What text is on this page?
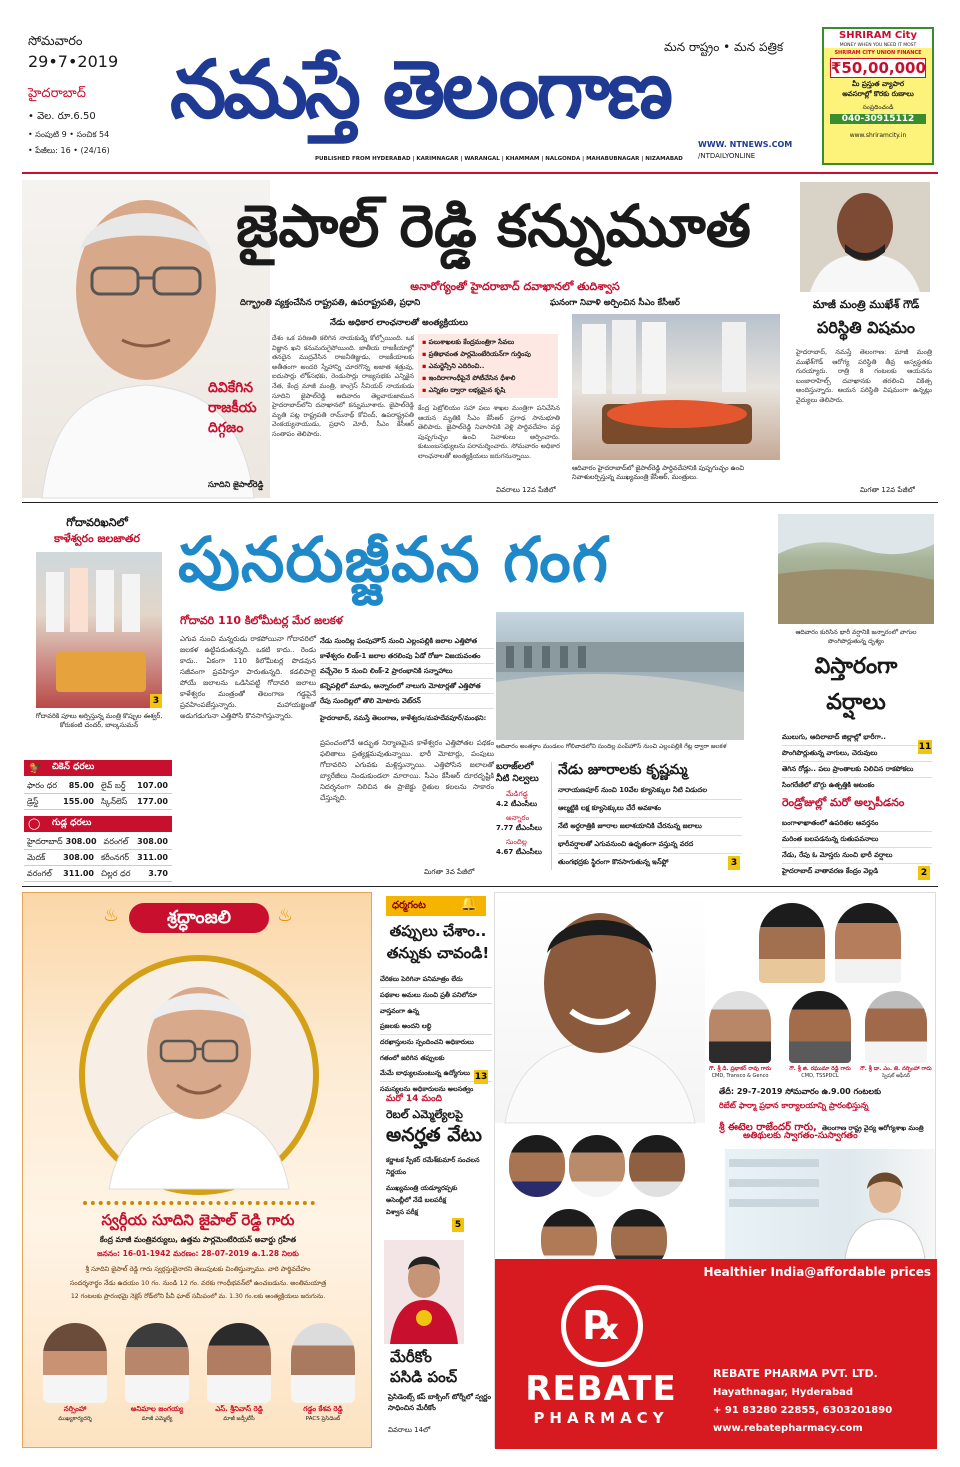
సోమవారం
29•7•2019
హైదరాబాద్
• వెల. రూ.6.50
• సంపుటి 9 • సంచిక 54
• పేజీలు: 16 • (24/16)
నమస్తే తెలంగాణ
మన రాష్ట్రం • మన పత్రిక
PUBLISHED FROM HYDERABAD | KARIMNAGAR | WARANGAL | KHAMMAM | NALGONDA | MAHABUBNAGAR | NIZAMABAD
WWW. NTNEWS.COM
/NTDAILYONLINE
SHRIRAM City
MONEY WHEN YOU NEED IT MOST
SHRIRAM CITY UNION FINANCE
₹50,00,000
మీ ప్రస్తుత వ్యాపార
అవసరాల్లో కొరకు రుణాలు
సంప్రదించండి
040-30915112
www.shriramcity.in
దివికేగిన
రాజకీయ
దిగ్గజం
సూదిని జైపాల్‌రెడ్డి
జైపాల్ రెడ్డి కన్నుమూత
అనారోగ్యంతో హైదరాబాద్ దవాఖానలో తుదిశ్వాస
దిగ్భ్రాంతి వ్యక్తంచేసిన రాష్ట్రపతి, ఉపరాష్ట్రపతి, ప్రధాని	ఘనంగా నివాళి అర్పించిన సీఎం కేసీఆర్
నేడు అధికార లాంఛనాలతో అంత్యక్రియలు
దేశం ఒక పరిణతి కలిగిన నాయకుడ్ని కోల్పోయింది. ఒక విజ్ఞాన ఖని కనుమరుగైపోయింది. జాతీయ రాజకీయాల్లో తనదైన ముద్రవేసిన రాజనీతిజ్ఞుడు, రాజకీయాలకు అతీతంగా అందరి స్నేహాన్ని చూరగొన్న అజాత శత్రువు, ఐదుసార్లు లోక్‌సభకు, రెండుసార్లు రాజ్యసభకు ఎన్నికైన నేత, కేంద్ర మాజీ మంత్రి, కాంగ్రెస్ సీనియర్ నాయకుడు సూదిని జైపాల్‌రెడ్డి ఆదివారం తెల్లవారుజామున హైదరాబాద్‌లోని దవాఖానలో కన్నుమూశారు. జైపాల్‌రెడ్డి మృతి పట్ల రాష్ట్రపతి రామ్‌నాథ్ కోవింద్, ఉపరాష్ట్రపతి వెంకయ్యనాయుడు, ప్రధాని మోదీ, సీఎం కేసీఆర్ సంతాపం తెలిపారు.
▪ పలుశాఖలకు కేంద్రమంత్రిగా సేవలు
▪ ప్రతిభావంత పార్లమెంటేరియన్‌గా గుర్తింపు
▪ ఎమర్జెన్సీని ఎదిరించి..
▪ ఇందిరాగాంధీపైనే పోటీచేసిన ధీశాలి
▪ ఎన్నికల ద్వారా లభ్యమైన కృషి
కేంద్ర పెట్రోలియం సహా పలు శాఖల మంత్రిగా పనిచేసిన ఆయన మృతికి సీఎం కేసీఆర్ ప్రగాఢ సానుభూతి తెలిపారు. జైపాల్‌రెడ్డి నివాసానికి వెళ్లి పార్థివదేహం వద్ద పుష్పగుచ్ఛం ఉంచి నివాళులు అర్పించారు. కుటుంబసభ్యులను పరామర్శించారు. సోమవారం అధికార లాంఛనాలతో అంత్యక్రియలు జరుగనున్నాయి.
వివరాలు 12వ పేజీలో
ఆదివారం హైదరాబాద్‌లో జైపాల్‌రెడ్డి పార్థివదేహానికి పుష్పగుచ్ఛం ఉంచి నివాళులర్పిస్తున్న ముఖ్యమంత్రి కేసీఆర్, మంత్రులు.
మాజీ మంత్రి ముఖేశ్ గౌడ్
పరిస్థితి విషమం
హైదరాబాద్, నమస్తే తెలంగాణ: మాజీ మంత్రి ముఖేశ్‌గౌడ్ ఆరోగ్య పరిస్థితి తీవ్ర అస్వస్థతకు గురయ్యారు. రాత్రి 8 గంటలకు ఆయనను బంజారాహిల్స్ దవాఖానకు తరలించి చికిత్స అందిస్తున్నారు. ఆయన పరిస్థితి విషమంగా ఉన్నట్లు వైద్యులు తెలిపారు.
మిగతా 12వ పేజీలో
గోదావరిఖనిలో
కాళేశ్వరం జలజాతర
3
గోదావరికి పూలు అర్పిస్తున్న మంత్రి కొప్పుల ఈశ్వర్, కోరుకంటి చందర్, బాల్కసుమన్
🐓 చికెన్ ధరలు
ఫారం ధర	85.00 లైవ్ బర్డ్	107.00
డ్రెస్డ్	155.00 స్కిన్‌లెస్	177.00
◯ గుడ్ల ధరలు
హైదరాబాద్ 308.00 వరంగల్	308.00
మెదక్	308.00 కరీంనగర్	311.00
వరంగల్	311.00 చిల్లర ధర	3.70
పునరుజ్జీవన గంగ
గోదావరి 110 కిలోమీటర్ల మేర జలకళ
ఎగువ నుంచి మన్నరుడు రాకపోయినా గోదావరిలో జలకళ ఉట్టిపడుతున్నది. ఒకటి కాదు.. రెండు కాదు.. ఏకంగా 110 కిలోమీటర్ల పొడవున సజీవంగా ప్రవహిస్తూ పారుతున్నది. కడలిపాలై పోయే జలాలను ఒడిసిపట్టి గోదావరి జలాలు కాళేశ్వరం మంత్రంతో తెలంగాణ గడ్డపైనే ప్రవహింపజేస్తున్నారు. మహాయజ్ఞంతో అడుగడుగునా ఎత్తిపోసి కొనసాగిస్తున్నారు.
నేడు సుందిల్ల పంపుహౌస్ నుంచి ఎల్లంపల్లికి జలాల ఎత్తిపోత
కాళేశ్వరం లింక్-1 జలాల తరలింపు ఏడో రోజూ విజయవంతం
వచ్చేనెల 5 నుంచి లింక్-2 ప్రారంభానికి సన్నాహాలు
కన్నెపల్లిలో మూడు, అన్నారంలో నాలుగు మోటార్లతో ఎత్తిపోత
రేపు సుందిల్లలో తొలి మోటారు వెట్‌రన్
హైదరాబాద్, నమస్తే తెలంగాణ, కాళేశ్వరం/మహదేవపూర్/మంథని:
ప్రపంచంలోనే అద్భుత నిర్మాణమైన కాళేశ్వరం ఎత్తిపోతల పథకం ఫలితాలు ప్రత్యక్షమవుతున్నాయి. భారీ మోటార్లు, పంపులు గోదావరిని ఎగువకు మళ్లిస్తున్నాయి. ఎత్తిపోసిన జలాలతో బ్యారేజీలు నిండుకుండలా మారాయి. సీఎం కేసీఆర్ దూరదృష్టికి నిదర్శనంగా నిలిచిన ఈ ప్రాజెక్టు రైతుల కలలను సాకారం చేస్తున్నది.
మిగతా 3వ పేజీలో
ఆదివారం అంతర్గాం మండలం గోలివాడలోని సుందిల్ల పంప్‌హౌస్ నుంచి ఎల్లంపల్లికి గేట్ల ద్వారా జలకళ
బరాజ్‌లలో
నీటి నిల్వలు
మేడిగడ్డ
4.2 టీఎంసీలు
అన్నారం
7.77 టీఎంసీలు
సుందిల్ల
4.67 టీఎంసీలు
నేడు జూరాలకు కృష్ణమ్మ
నారాయణపూర్ నుంచి 10వేల క్యూసెక్కుల నీటి విడుదల
ఆల్మట్టికి లక్ష క్యూసెక్కులు చేరే అవకాశం
నేటి అర్ధరాత్రికి జూరాల జలాశయానికి చేరనున్న జలాలు
భారీవర్షాలతో ఎగువనుంచి ఉధృతంగా వస్తున్న వరద
తుంగభద్రకు స్థిరంగా కొనసాగుతున్న ఇన్‌ఫ్లో	3
ఆదివారం కురిసిన భారీ వర్షానికి జన్నారంలో వాగుల పొంగిపొర్లుతున్న దృశ్యం
విస్తారంగా
వర్షాలు
ములుగు, ఆదిలాబాద్ జిల్లాల్లో భారీగా..
పొంగిపొర్లుతున్న వాగులు, చెరువులు
తెగిన రోడ్లు.. పలు ప్రాంతాలకు నిలిచిన రాకపోకలు
సింగరేణిలో బొగ్గు ఉత్పత్తికి ఆటంకం
11
రెండ్రోజుల్లో మరో అల్పపీడనం
బంగాళాఖాతంలో ఉపరితల ఆవర్తనం
మరింత బలపడనున్న రుతుపవనాలు
నేడు, రేపు ఓ మోస్తరు నుంచి భారీ వర్షాలు
హైదరాబాద్ వాతావరణ కేంద్రం వెల్లడి	2
శ్రద్ధాంజలి
♨	♨
స్వర్గీయ సూదిని జైపాల్ రెడ్డి గారు
కేంద్ర మాజీ మంత్రివర్యులు, ఉత్తమ పార్లమెంటేరియన్ అవార్డు గ్రహీత
జననం: 16-01-1942 మరణం: 28-07-2019 ఉ.1.28 నిలకు
శ్రీ సూదిని జైపాల్ రెడ్డి గారు స్వర్గస్తులైనారని తెలుపుటకు చింతిస్తున్నాము. వారి పార్థివదేహం
సందర్శనార్థం నేడు ఉదయం 10 గం. నుండి 12 గం. వరకు గాంధీభవన్‌లో ఉంచబడును. అంతిమయాత్ర
12 గంటలకు ప్రారంభమై నెక్లెస్ రోడ్‌లోని పీవీ ఘాట్ సమీపంలో మ. 1.30 గం.లకు అంత్యక్రియలు జరుగును.
నర్సింహా
ముఖ్యకార్యదర్శి
అనిమాల జంగయ్య
మాజీ ఎమ్మెల్యే
ఎస్. శ్రీనివాస్ రెడ్డి
మాజీ జడ్పీటీసీ
గడ్డం కేశవ రెడ్డి
PACS ప్రెసిడెంట్
ధర్మగంట 🔔
తప్పులు చేశాం..
తన్నుకు చావండి!
చేరికలు పెరిగినా పనిమాత్రం లేదు
పథకాల అమలు నుంచి ప్రతీ పనిలోనూ
వాస్తవంగా ఉన్న
ప్రజలకు అందని లబ్ధి
దరఖాస్తులను స్పందించని అధికారులు
గతంలో జరిగిన తప్పులకు
మేమే బాధ్యులమంటున్న ఉద్యోగులు
సమస్యలను అధికారులను అలసత్వం
13
మరో 14 మంది
రెబల్ ఎమ్మెల్యేలపై
అనర్హత వేటు
కర్ణాటక స్పీకర్ రమేశ్‌కుమార్ సంచలన నిర్ణయం
ముఖ్యమంత్రి యడ్యూరప్పకు
అసెంబ్లీలో నేడే బలపరీక్ష
విశ్వాస పరీక్ష
5
మేరీకోం
పసిడి పంచ్
ప్రెసిడెంట్స్ కప్ బాక్సింగ్ టోర్నీలో స్వర్ణం సాధించిన మేరీకోం
వివరాలు 14లో
గౌ. శ్రీ డి. ప్రభాకర్ రావు గారు
CMD, Transco & Genco
గౌ. శ్రీ జి. రఘుమా రెడ్డి గారు
CMD, TSSPDCL
గౌ. శ్రీ డా. ఎం. జె. నర్సింహా గారు
స్పెషల్ ఆఫీసర్
తేదీ: 29-7-2019 సోమవారం ఉ.9.00 గంటలకు
రిబేట్ ఫార్మా ప్రధాన కార్యాలయాన్ని ప్రారంభిస్తున్న
శ్రీ ఈటెల రాజేందర్ గారు, తెలంగాణ రాష్ట్ర వైద్య ఆరోగ్యశాఖ మంత్రి
అతిథులకు స్వాగతం-సుస్వాగతం
Healthier India@affordable prices
℞
REBATE
PHARMACY
REBATE PHARMA PVT. LTD.
Hayathnagar, Hyderabad
+ 91 83280 22855, 6303201890
www.rebatepharmacy.com
